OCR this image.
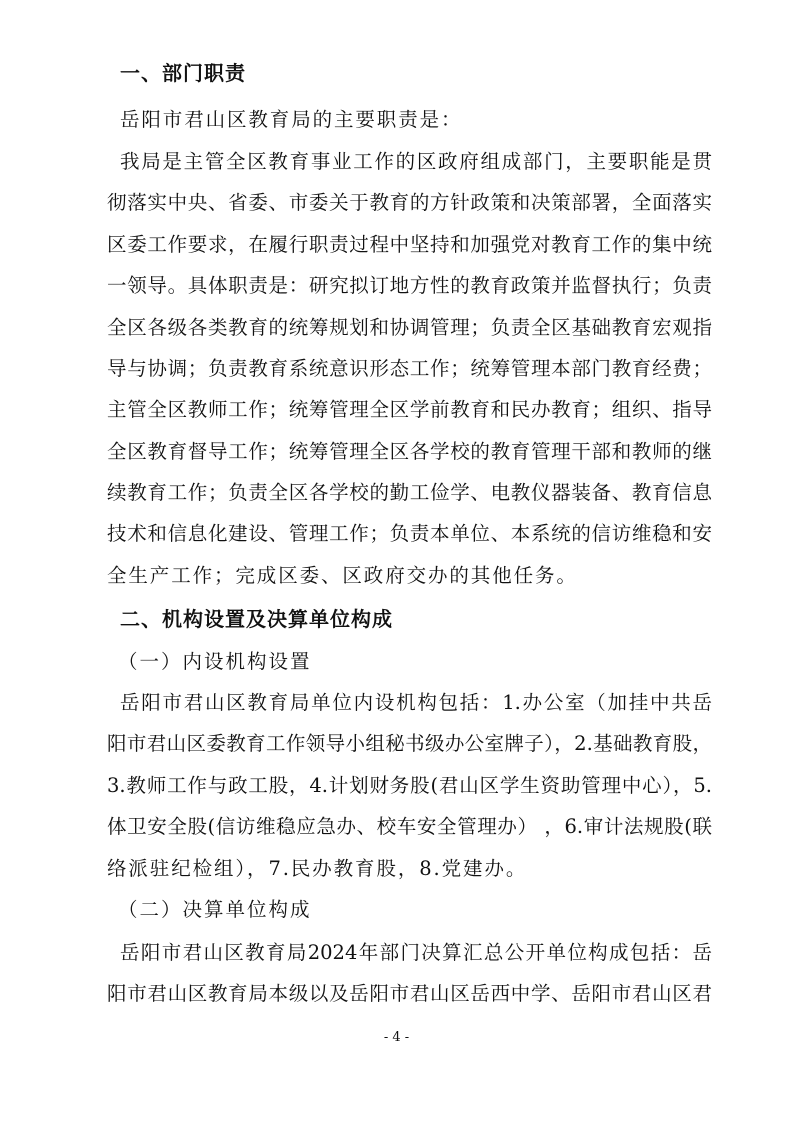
一、部门职责
岳阳市君山区教育局的主要职责是：
我局是主管全区教育事业工作的区政府组成部门，主要职能是贯
彻落实中央、省委、市委关于教育的方针政策和决策部署，全面落实
区委工作要求，在履行职责过程中坚持和加强党对教育工作的集中统
一领导。具体职责是：研究拟订地方性的教育政策并监督执行；负责
全区各级各类教育的统筹规划和协调管理；负责全区基础教育宏观指
导与协调；负责教育系统意识形态工作；统筹管理本部门教育经费；
主管全区教师工作；统筹管理全区学前教育和民办教育；组织、指导
全区教育督导工作；统筹管理全区各学校的教育管理干部和教师的继
续教育工作；负责全区各学校的勤工俭学、电教仪器装备、教育信息
技术和信息化建设、管理工作；负责本单位、本系统的信访维稳和安
全生产工作；完成区委、区政府交办的其他任务。
二、机构设置及决算单位构成
（一）内设机构设置
岳阳市君山区教育局单位内设机构包括：1.办公室（加挂中共岳
阳市君山区委教育工作领导小组秘书级办公室牌子），2.基础教育股，
3.教师工作与政工股，4.计划财务股(君山区学生资助管理中心），5.
体卫安全股(信访维稳应急办、校车安全管理办） ，6.审计法规股(联
络派驻纪检组），7.民办教育股，8.党建办。
（二）决算单位构成
岳阳市君山区教育局2024年部门决算汇总公开单位构成包括：岳
阳市君山区教育局本级以及岳阳市君山区岳西中学、岳阳市君山区君
- 4 -
